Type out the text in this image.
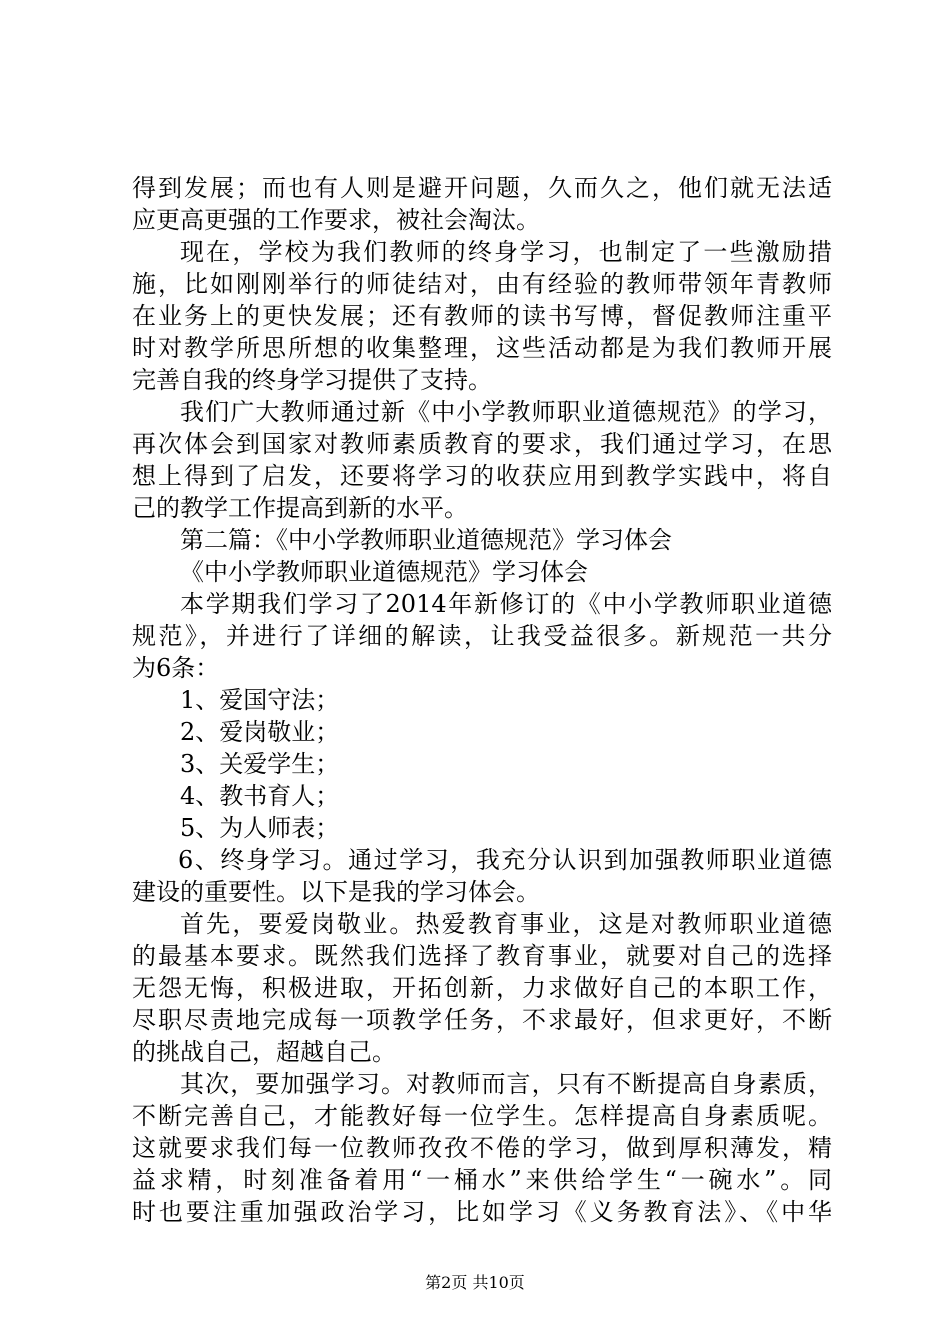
得到发展；而也有人则是避开问题，久而久之，他们就无法适
应更高更强的工作要求，被社会淘汰。
现在，学校为我们教师的终身学习，也制定了一些激励措
施，比如刚刚举行的师徒结对，由有经验的教师带领年青教师
在业务上的更快发展；还有教师的读书写博，督促教师注重平
时对教学所思所想的收集整理，这些活动都是为我们教师开展
完善自我的终身学习提供了支持。
我们广大教师通过新《中小学教师职业道德规范》的学习，
再次体会到国家对教师素质教育的要求，我们通过学习，在思
想上得到了启发，还要将学习的收获应用到教学实践中，将自
己的教学工作提高到新的水平。
第二篇：《中小学教师职业道德规范》学习体会
《中小学教师职业道德规范》学习体会
本学期我们学习了2014年新修订的《中小学教师职业道德
规范》，并进行了详细的解读，让我受益很多。新规范一共分
为6条：
1、爱国守法；
2、爱岗敬业；
3、关爱学生；
4、教书育人；
5、为人师表；
6、终身学习。通过学习，我充分认识到加强教师职业道德
建设的重要性。以下是我的学习体会。
首先，要爱岗敬业。热爱教育事业，这是对教师职业道德
的最基本要求。既然我们选择了教育事业，就要对自己的选择
无怨无悔，积极进取，开拓创新，力求做好自己的本职工作，
尽职尽责地完成每一项教学任务，不求最好，但求更好，不断
的挑战自己，超越自己。
其次，要加强学习。对教师而言，只有不断提高自身素质，
不断完善自己，才能教好每一位学生。怎样提高自身素质呢。
这就要求我们每一位教师孜孜不倦的学习，做到厚积薄发，精
益求精，时刻准备着用“一桶水”来供给学生“一碗水”。同
时也要注重加强政治学习，比如学习《义务教育法》、《中华
第2页 共10页
